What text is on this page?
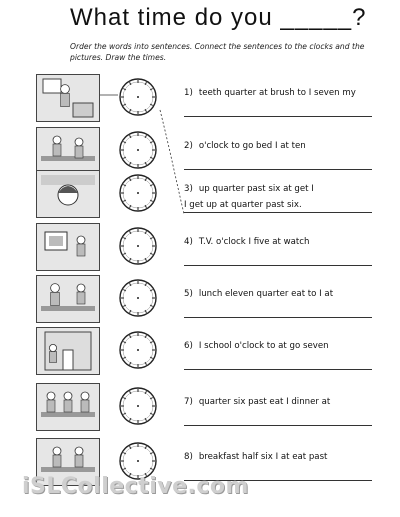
What time do you _____?
Order the words into sentences. Connect the sentences to the clocks and the pictures. Draw the times.
1) teeth quarter at brush to I seven my
2) o'clock to go bed I at ten
3) up quarter past six at get I
I get up at quarter past six.
4) T.V. o'clock I five at watch
5) lunch eleven quarter eat to I at
6) I school o'clock to at go seven
7) quarter six past eat I dinner at
8) breakfast half six I at eat past
iSLCollective.com
